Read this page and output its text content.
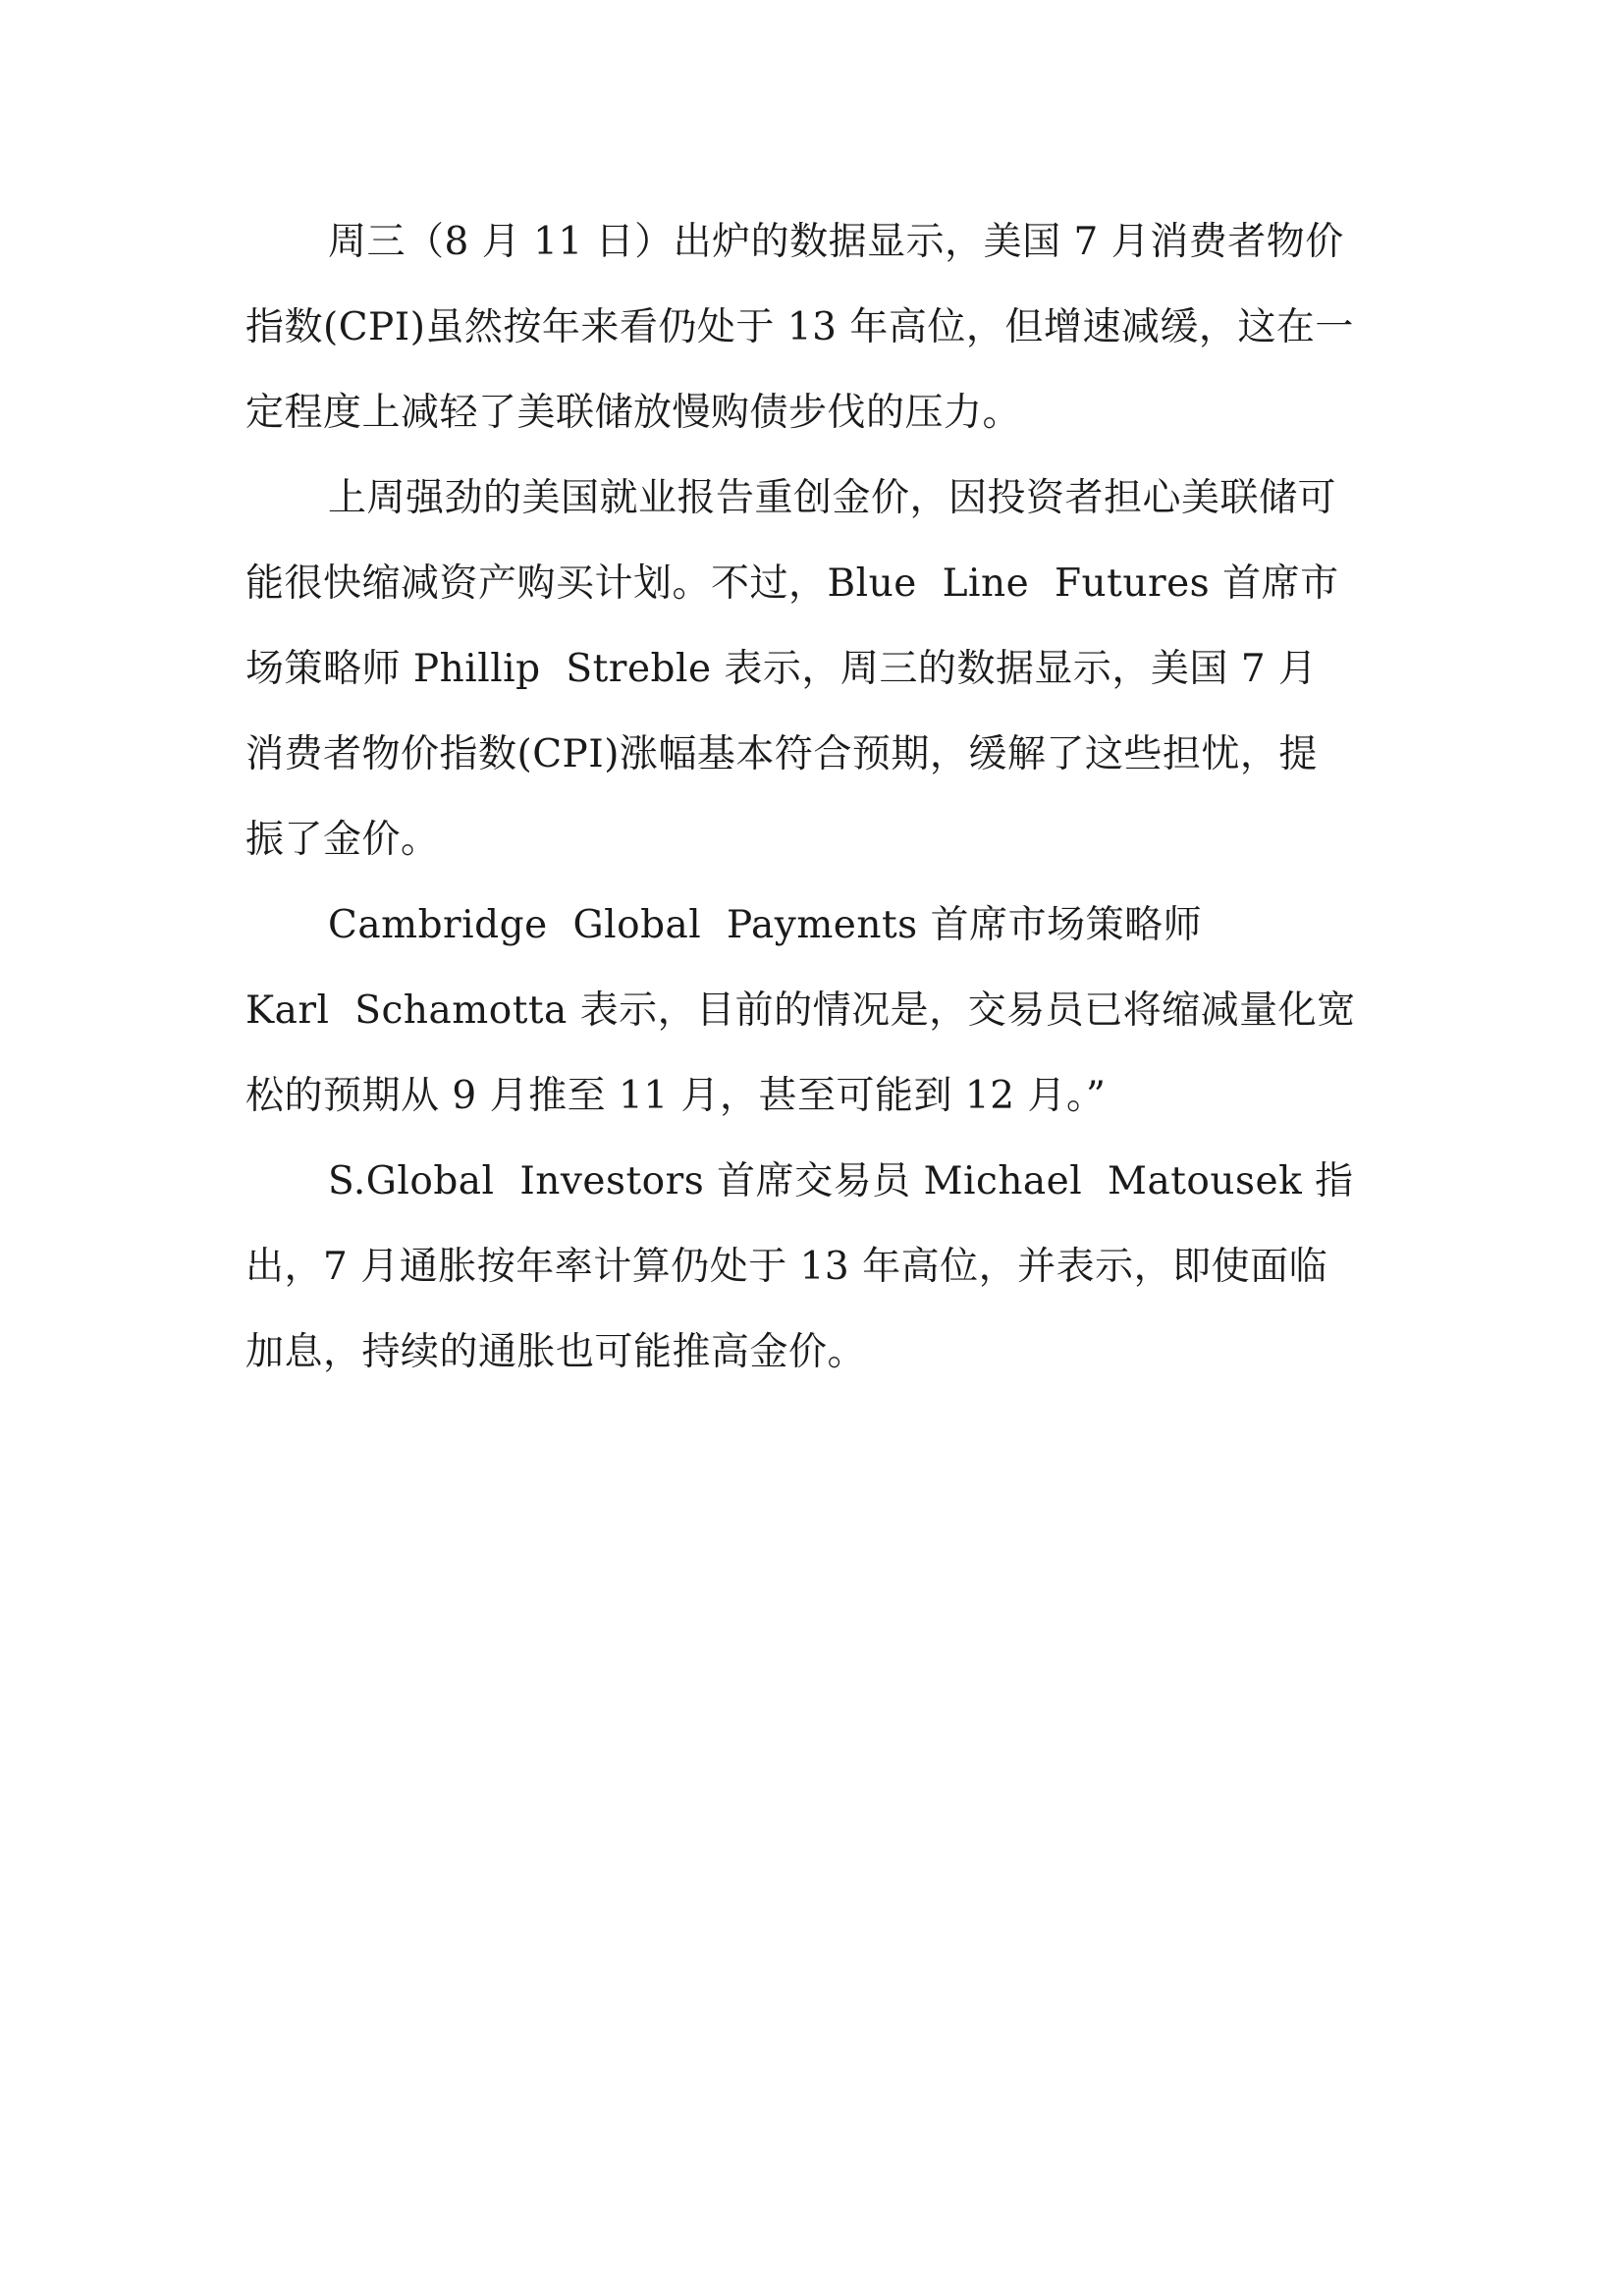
周三（8 月 11 日）出炉的数据显示，美国 7 月消费者物价
指数(CPI)虽然按年来看仍处于 13 年高位，但增速减缓，这在一
定程度上减轻了美联储放慢购债步伐的压力。
上周强劲的美国就业报告重创金价，因投资者担心美联储可
能很快缩减资产购买计划。不过，Blue  Line  Futures 首席市
场策略师 Phillip  Streble 表示，周三的数据显示，美国 7 月
消费者物价指数(CPI)涨幅基本符合预期，缓解了这些担忧，提
振了金价。
Cambridge  Global  Payments 首席市场策略师
Karl  Schamotta 表示，目前的情况是，交易员已将缩减量化宽
松的预期从 9 月推至 11 月，甚至可能到 12 月。”
S.Global  Investors 首席交易员 Michael  Matousek 指
出，7 月通胀按年率计算仍处于 13 年高位，并表示，即使面临
加息，持续的通胀也可能推高金价。
